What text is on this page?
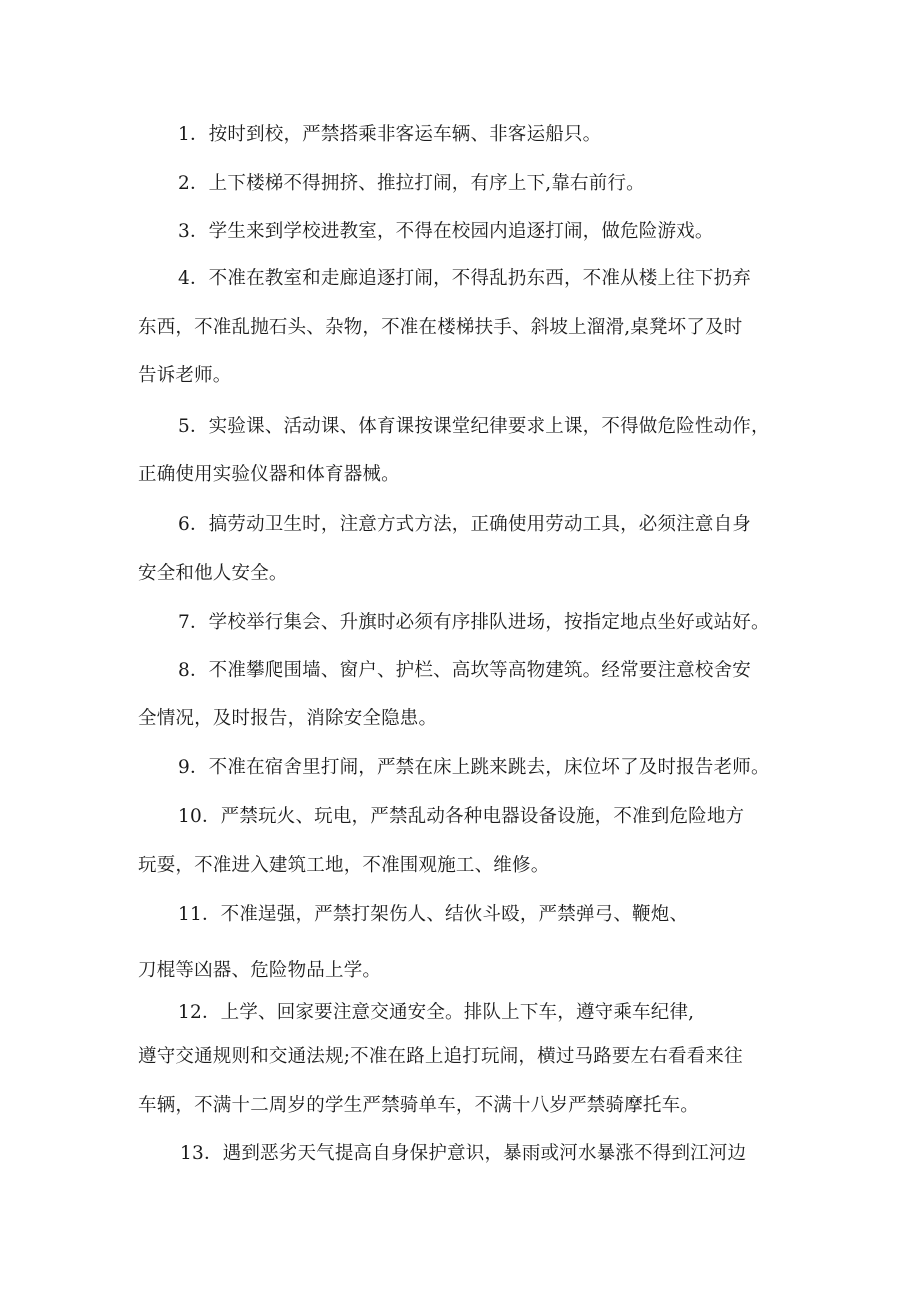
1．按时到校，严禁搭乘非客运车辆、非客运船只。
2．上下楼梯不得拥挤、推拉打闹，有序上下,靠右前行。
3．学生来到学校进教室，不得在校园内追逐打闹，做危险游戏。
4．不准在教室和走廊追逐打闹，不得乱扔东西，不准从楼上往下扔弃
东西，不准乱抛石头、杂物，不准在楼梯扶手、斜坡上溜滑,桌凳坏了及时
告诉老师。
5．实验课、活动课、体育课按课堂纪律要求上课，不得做危险性动作，
正确使用实验仪器和体育器械。
6．搞劳动卫生时，注意方式方法，正确使用劳动工具，必须注意自身
安全和他人安全。
7．学校举行集会、升旗时必须有序排队进场，按指定地点坐好或站好。
8．不准攀爬围墙、窗户、护栏、高坎等高物建筑。经常要注意校舍安
全情况，及时报告，消除安全隐患。
9．不准在宿舍里打闹，严禁在床上跳来跳去，床位坏了及时报告老师。
10．严禁玩火、玩电，严禁乱动各种电器设备设施，不准到危险地方
玩耍，不准进入建筑工地，不准围观施工、维修。
11．不准逞强，严禁打架伤人、结伙斗殴，严禁弹弓、鞭炮、
刀棍等凶器、危险物品上学。
12．上学、回家要注意交通安全。排队上下车，遵守乘车纪律,
遵守交通规则和交通法规;不准在路上追打玩闹，横过马路要左右看看来往
车辆，不满十二周岁的学生严禁骑单车，不满十八岁严禁骑摩托车。
13．遇到恶劣天气提高自身保护意识，暴雨或河水暴涨不得到江河边
